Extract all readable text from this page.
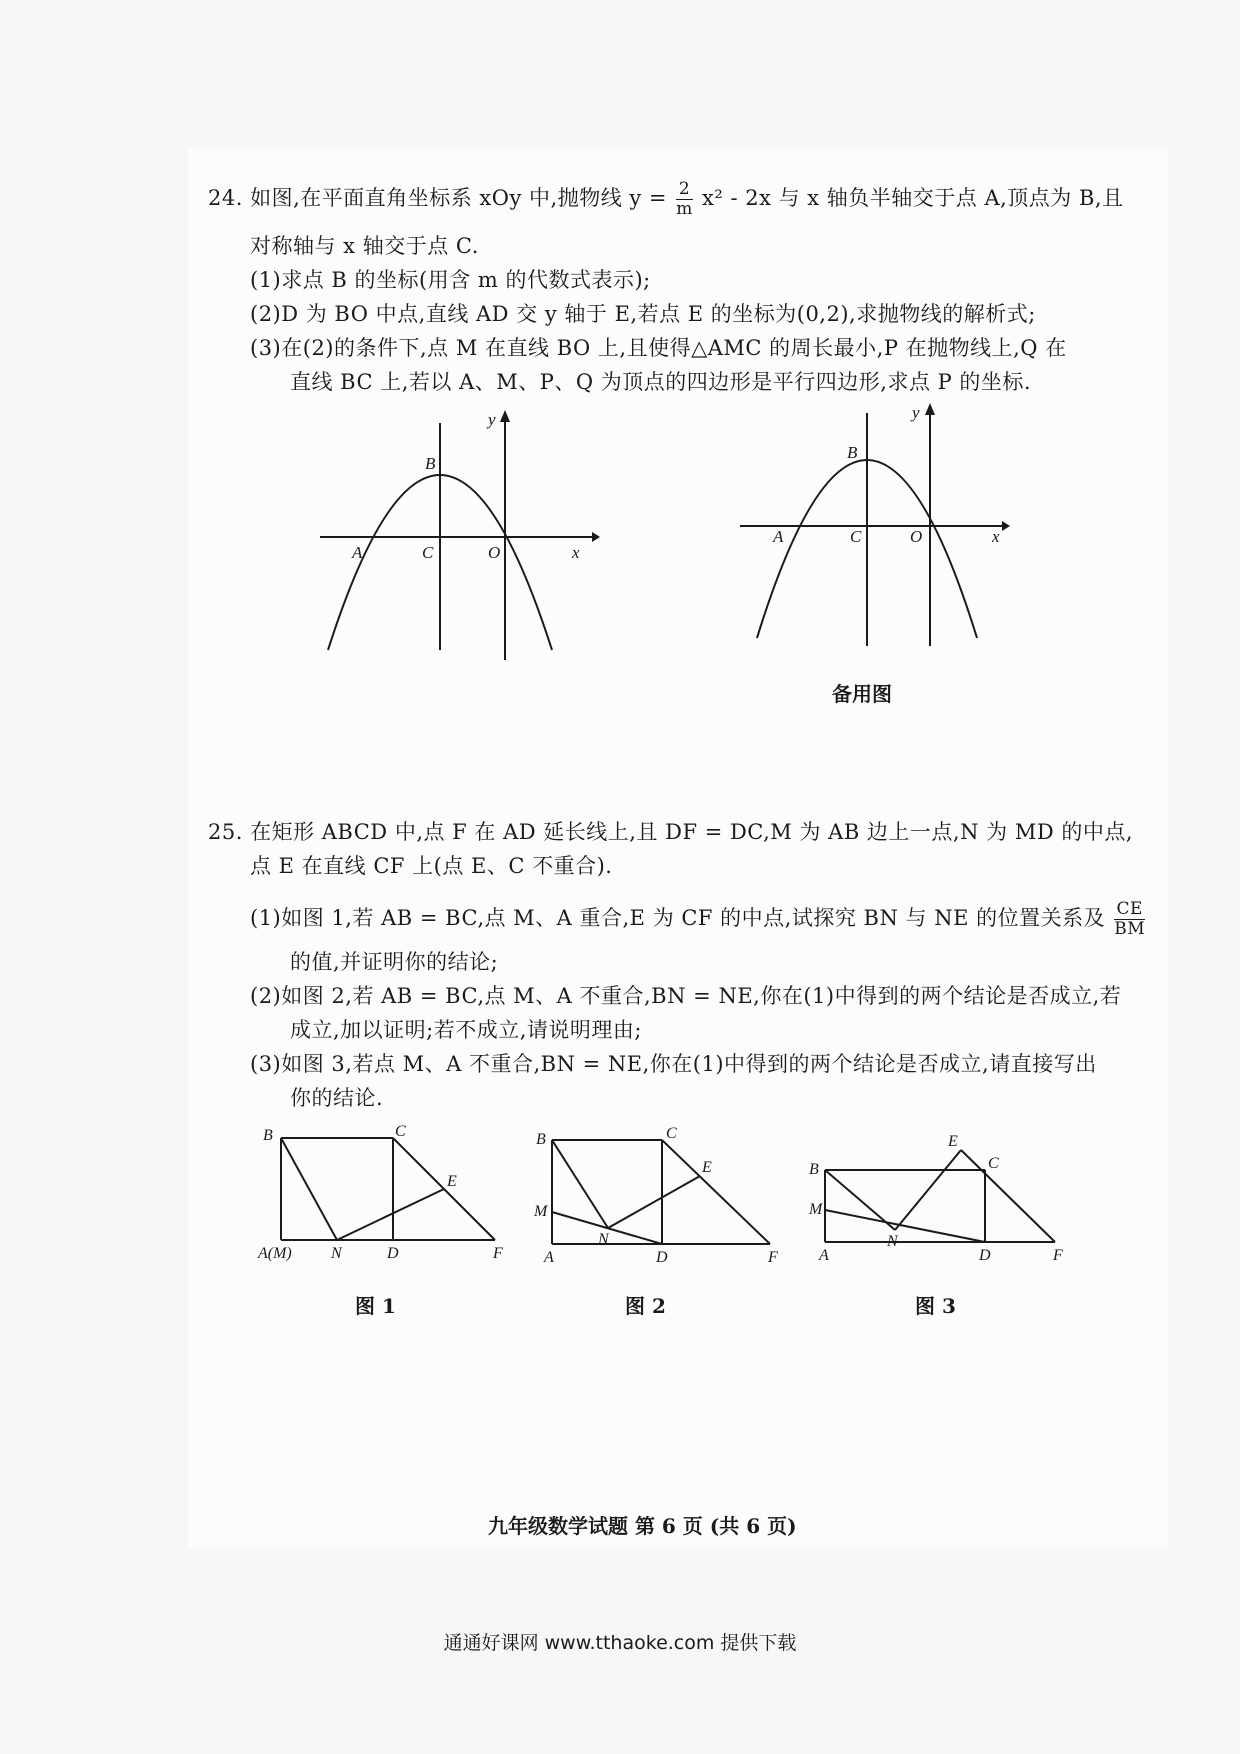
24. 如图,在平面直角坐标系 xOy 中,抛物线 $y = \frac{2}{m} x^2 - 2x$ 与 x 轴负半轴交于点 A,顶点为 B,且
对称轴与 x 轴交于点 C.
(1)求点 B 的坐标(用含 m 的代数式表示);
(2)D 为 BO 中点,直线 AD 交 y 轴于 E,若点 E 的坐标为(0,2),求抛物线的解析式;
(3)在(2)的条件下,点 M 在直线 BO 上,且使得△AMC 的周长最小,P 在抛物线上,Q 在
直线 BC 上,若以 A、M、P、Q 为顶点的四边形是平行四边形,求点 P 的坐标.
B
A	C	O	x
y
B
A	C	O	x
y
备用图
25. 在矩形 ABCD 中,点 F 在 AD 延长线上,且 DF = DC,M 为 AB 边上一点,N 为 MD 的中点,
点 E 在直线 CF 上(点 E、C 不重合).
(1)如图 1,若 AB = BC,点 M、A 重合,E 为 CF 的中点,试探究 BN 与 NE 的位置关系及 $\frac{CE}{BM}$
的值,并证明你的结论;
(2)如图 2,若 AB = BC,点 M、A 不重合,BN = NE,你在(1)中得到的两个结论是否成立,若
成立,加以证明;若不成立,请说明理由;
(3)如图 3,若点 M、A 不重合,BN = NE,你在(1)中得到的两个结论是否成立,请直接写出
你的结论.
B	C
E
A(M) N	D	F
B	C
E
M
N
A	D	F
E
C
B
M
N
A	D	F
图 1	图 2	图 3
九年级数学试题 第 6 页 (共 6 页)
通通好课网 www.tthaoke.com 提供下载
